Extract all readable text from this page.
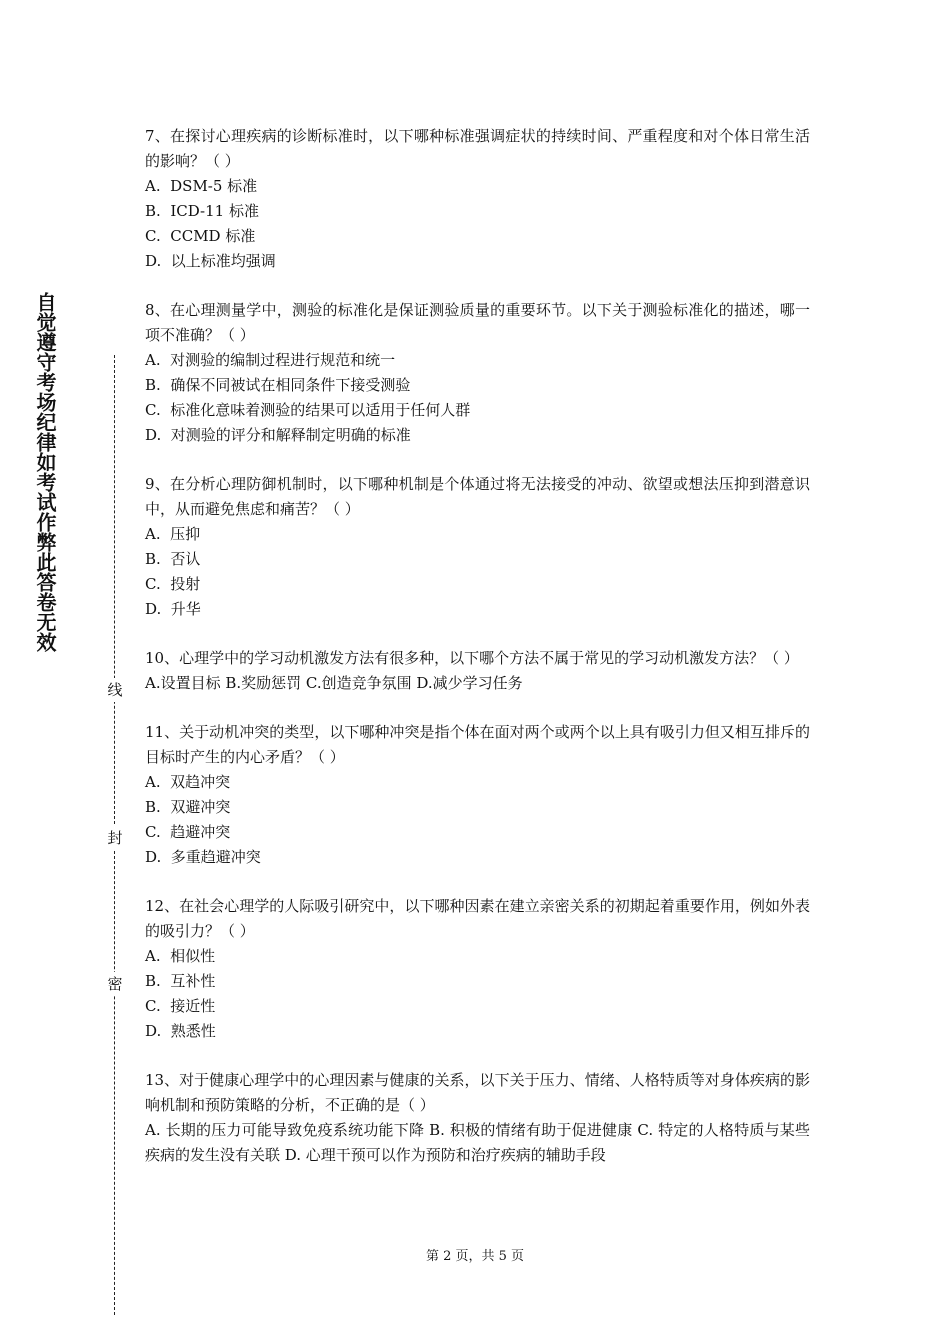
自觉遵守考场纪律如考试作弊此答卷无效
线
封
密
7、在探讨心理疾病的诊断标准时，以下哪种标准强调症状的持续时间、严重程度和对个体日常生活的影响？（ ）
A.  DSM-5 标准
B.  ICD-11 标准
C.  CCMD 标准
D.  以上标准均强调
8、在心理测量学中，测验的标准化是保证测验质量的重要环节。以下关于测验标准化的描述，哪一项不准确？（ ）
A.  对测验的编制过程进行规范和统一
B.  确保不同被试在相同条件下接受测验
C.  标准化意味着测验的结果可以适用于任何人群
D.  对测验的评分和解释制定明确的标准
9、在分析心理防御机制时，以下哪种机制是个体通过将无法接受的冲动、欲望或想法压抑到潜意识中，从而避免焦虑和痛苦？（ ）
A.  压抑
B.  否认
C.  投射
D.  升华
10、心理学中的学习动机激发方法有很多种，以下哪个方法不属于常见的学习动机激发方法？（ ）
A.设置目标 B.奖励惩罚 C.创造竞争氛围 D.减少学习任务
11、关于动机冲突的类型，以下哪种冲突是指个体在面对两个或两个以上具有吸引力但又相互排斥的目标时产生的内心矛盾？（ ）
A.  双趋冲突
B.  双避冲突
C.  趋避冲突
D.  多重趋避冲突
12、在社会心理学的人际吸引研究中，以下哪种因素在建立亲密关系的初期起着重要作用，例如外表的吸引力？（ ）
A.  相似性
B.  互补性
C.  接近性
D.  熟悉性
13、对于健康心理学中的心理因素与健康的关系，以下关于压力、情绪、人格特质等对身体疾病的影响机制和预防策略的分析，不正确的是（ ）
A. 长期的压力可能导致免疫系统功能下降 B. 积极的情绪有助于促进健康 C. 特定的人格特质与某些疾病的发生没有关联 D. 心理干预可以作为预防和治疗疾病的辅助手段
第 2 页，共 5 页
